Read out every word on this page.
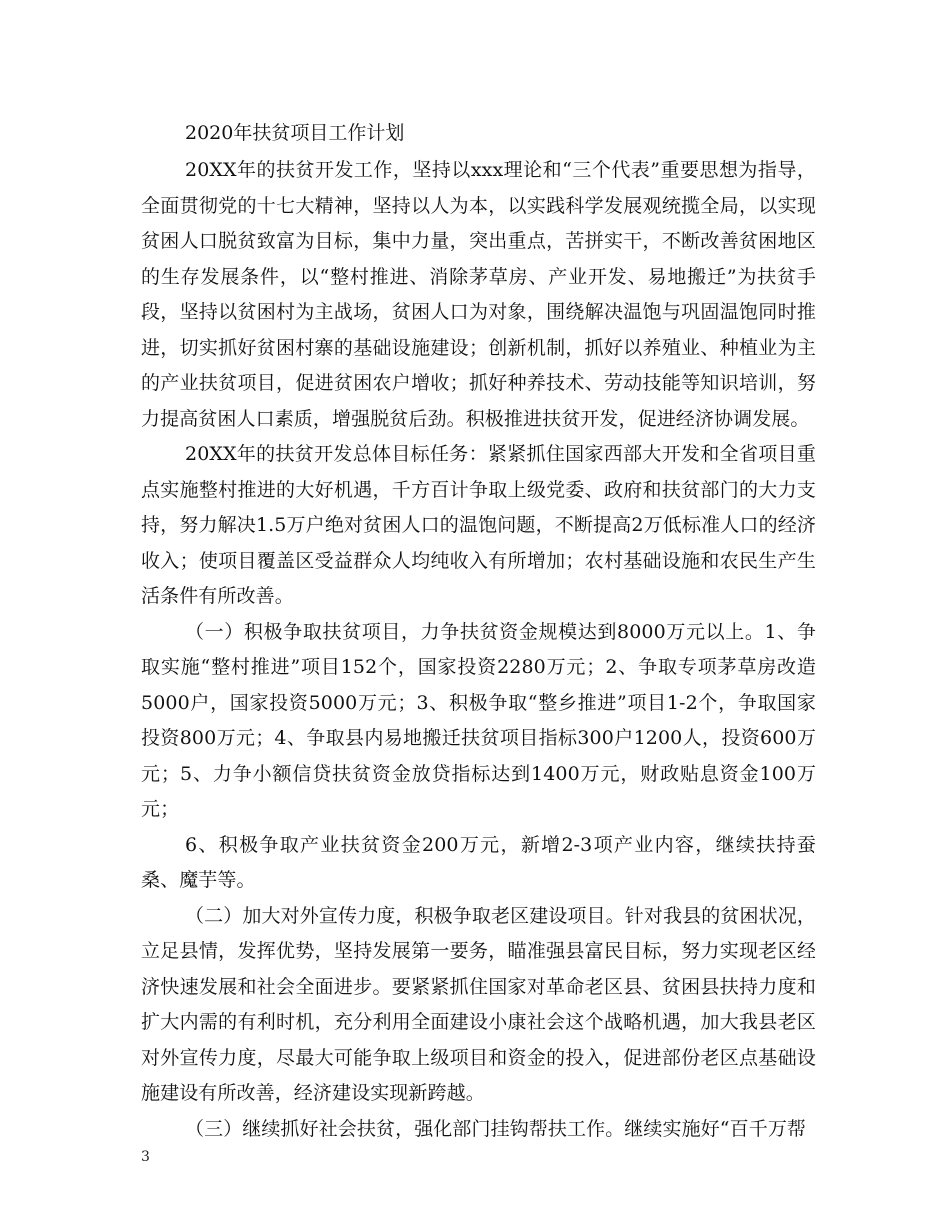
2020年扶贫项目工作计划

20XX年的扶贫开发工作，坚持以xxx理论和“三个代表”重要思想为指导，全面贯彻党的十七大精神，坚持以人为本，以实践科学发展观统揽全局，以实现贫困人口脱贫致富为目标，集中力量，突出重点，苦拼实干，不断改善贫困地区的生存发展条件，以“整村推进、消除茅草房、产业开发、易地搬迁”为扶贫手段，坚持以贫困村为主战场，贫困人口为对象，围绕解决温饱与巩固温饱同时推进，切实抓好贫困村寨的基础设施建设；创新机制，抓好以养殖业、种植业为主的产业扶贫项目，促进贫困农户增收；抓好种养技术、劳动技能等知识培训，努力提高贫困人口素质，增强脱贫后劲。积极推进扶贫开发，促进经济协调发展。

20XX年的扶贫开发总体目标任务：紧紧抓住国家西部大开发和全省项目重点实施整村推进的大好机遇，千方百计争取上级党委、政府和扶贫部门的大力支持，努力解决1.5万户绝对贫困人口的温饱问题，不断提高2万低标准人口的经济收入；使项目覆盖区受益群众人均纯收入有所增加；农村基础设施和农民生产生活条件有所改善。

（一）积极争取扶贫项目，力争扶贫资金规模达到8000万元以上。1、争取实施“整村推进”项目152个，国家投资2280万元；2、争取专项茅草房改造5000户，国家投资5000万元；3、积极争取“整乡推进”项目1-2个，争取国家投资800万元；4、争取县内易地搬迁扶贫项目指标300户1200人，投资600万元；5、力争小额信贷扶贫资金放贷指标达到1400万元，财政贴息资金100万元；

6、积极争取产业扶贫资金200万元，新增2-3项产业内容，继续扶持蚕桑、魔芋等。

（二）加大对外宣传力度，积极争取老区建设项目。针对我县的贫困状况，立足县情，发挥优势，坚持发展第一要务，瞄准强县富民目标，努力实现老区经济快速发展和社会全面进步。要紧紧抓住国家对革命老区县、贫困县扶持力度和扩大内需的有利时机，充分利用全面建设小康社会这个战略机遇，加大我县老区对外宣传力度，尽最大可能争取上级项目和资金的投入，促进部份老区点基础设施建设有所改善，经济建设实现新跨越。

（三）继续抓好社会扶贫，强化部门挂钩帮扶工作。继续实施好“百千万帮

3
